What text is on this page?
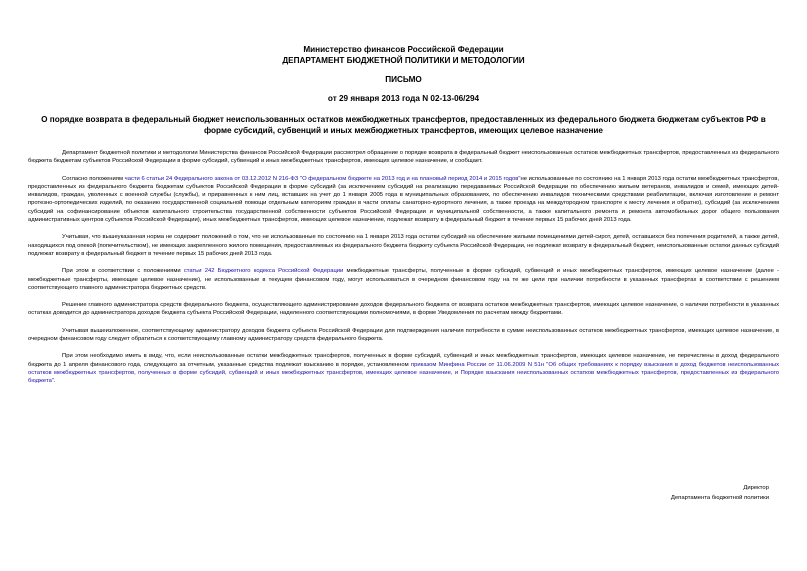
Министерство финансов Российской Федерации
ДЕПАРТАМЕНТ БЮДЖЕТНОЙ ПОЛИТИКИ И МЕТОДОЛОГИИ
ПИСЬМО
от 29 января 2013 года N 02-13-06/294
О порядке возврата в федеральный бюджет неиспользованных остатков межбюджетных трансфертов, предоставленных из федерального бюджета бюджетам субъектов РФ в форме субсидий, субвенций и иных межбюджетных трансфертов, имеющих целевое назначение

Департамент бюджетной политики и методологии Министерства финансов Российской Федерации рассмотрел обращение о порядке возврата в федеральный бюджет неиспользованных остатков межбюджетных трансфертов, предоставленных из федерального бюджета бюджетам субъектов Российской Федерации в форме субсидий, субвенций и иных межбюджетных трансфертов, имеющих целевое назначение, и сообщает.

Согласно положениям части 6 статьи 24 Федерального закона от 03.12.2012 N 216-ФЗ "О федеральном бюджете на 2013 год и на плановый период 2014 и 2015 годов"не использованные по состоянию на 1 января 2013 года остатки межбюджетных трансфертов, предоставленных из федерального бюджета бюджетам субъектов Российской Федерации в форме субсидий (за исключением субсидий на реализацию передаваемых Российской Федерации по обеспечению жильем ветеранов, инвалидов и семей, имеющих детей-инвалидов, граждан, уволенных с военной службы (службы), и приравненных к ним лиц, вставших на учет до 1 января 2005 года в муниципальных образованиях, по обеспечению инвалидов техническими средствами реабилитации, включая изготовление и ремонт протезно-ортопедических изделий, по оказанию государственной социальной помощи отдельным категориям граждан в части оплаты санаторно-курортного лечения, а также проезда на междугородном транспорте к месту лечения и обратно), субсидий (за исключением субсидий на софинансирование объектов капитального строительства государственной собственности субъектов Российской Федерации и муниципальной собственности, а также капитального ремонта и ремонта автомобильных дорог общего пользования административных центров субъектов Российской Федерации), иных межбюджетных трансфертов, имеющих целевое назначение, подлежат возврату в федеральный бюджет в течение первых 15 рабочих дней 2013 года.

Учитывая, что вышеуказанная норма не содержит положений о том, что не использованные по состоянию на 1 января 2013 года остатки субсидий на обеспечение жилыми помещениями детей-сирот, детей, оставшихся без попечения родителей, а также детей, находящихся под опекой (попечительством), не имеющих закрепленного жилого помещения, предоставляемых из федерального бюджета бюджету субъекта Российской Федерации, не подлежат возврату в федеральный бюджет, неиспользованные остатки данных субсидий подлежат возврату в федеральный бюджет в течение первых 15 рабочих дней 2013 года.

При этом в соответствии с положениями статьи 242 Бюджетного кодекса Российской Федерации межбюджетные трансферты, полученные в форме субсидий, субвенций и иных межбюджетных трансфертов, имеющих целевое назначение (далее - межбюджетные трансферты, имеющие целевое назначение), не использованные в текущем финансовом году, могут использоваться в очередном финансовом году на те же цели при наличии потребности в указанных трансфертах в соответствии с решением соответствующего главного администратора бюджетных средств.

Решение главного администратора средств федерального бюджета, осуществляющего администрирование доходов федерального бюджета от возврата остатков межбюджетных трансфертов, имеющих целевое назначение, о наличии потребности в указанных остатках доводится до администратора доходов бюджета субъекта Российской Федерации, наделенного соответствующими полномочиями, в форме Уведомления по расчетам между бюджетами.

Учитывая вышеизложенное, соответствующему администратору доходов бюджета субъекта Российской Федерации для подтверждения наличия потребности в сумме неиспользованных остатков межбюджетных трансфертов, имеющих целевое назначение, в очередном финансовом году следует обратиться к соответствующему главному администратору средств федерального бюджета.

При этом необходимо иметь в виду, что, если неиспользованные остатки межбюджетных трансфертов, полученных в форме субсидий, субвенций и иных межбюджетных трансфертов, имеющих целевое назначение, не перечислены в доход федерального бюджета до 1 апреля финансового года, следующего за отчетным, указанные средства подлежат взысканию в порядке, установленном приказом Минфина России от 11.06.2009 N 51н "Об общих требованиях к порядку взыскания в доход бюджетов неиспользованных остатков межбюджетных трансфертов, полученных в форме субсидий, субвенций и иных межбюджетных трансфертов, имеющих целевое назначение, и Порядке взыскания неиспользованных остатков межбюджетных трансфертов, предоставленных из федерального бюджета".

Директор
Департамента бюджетной политики
